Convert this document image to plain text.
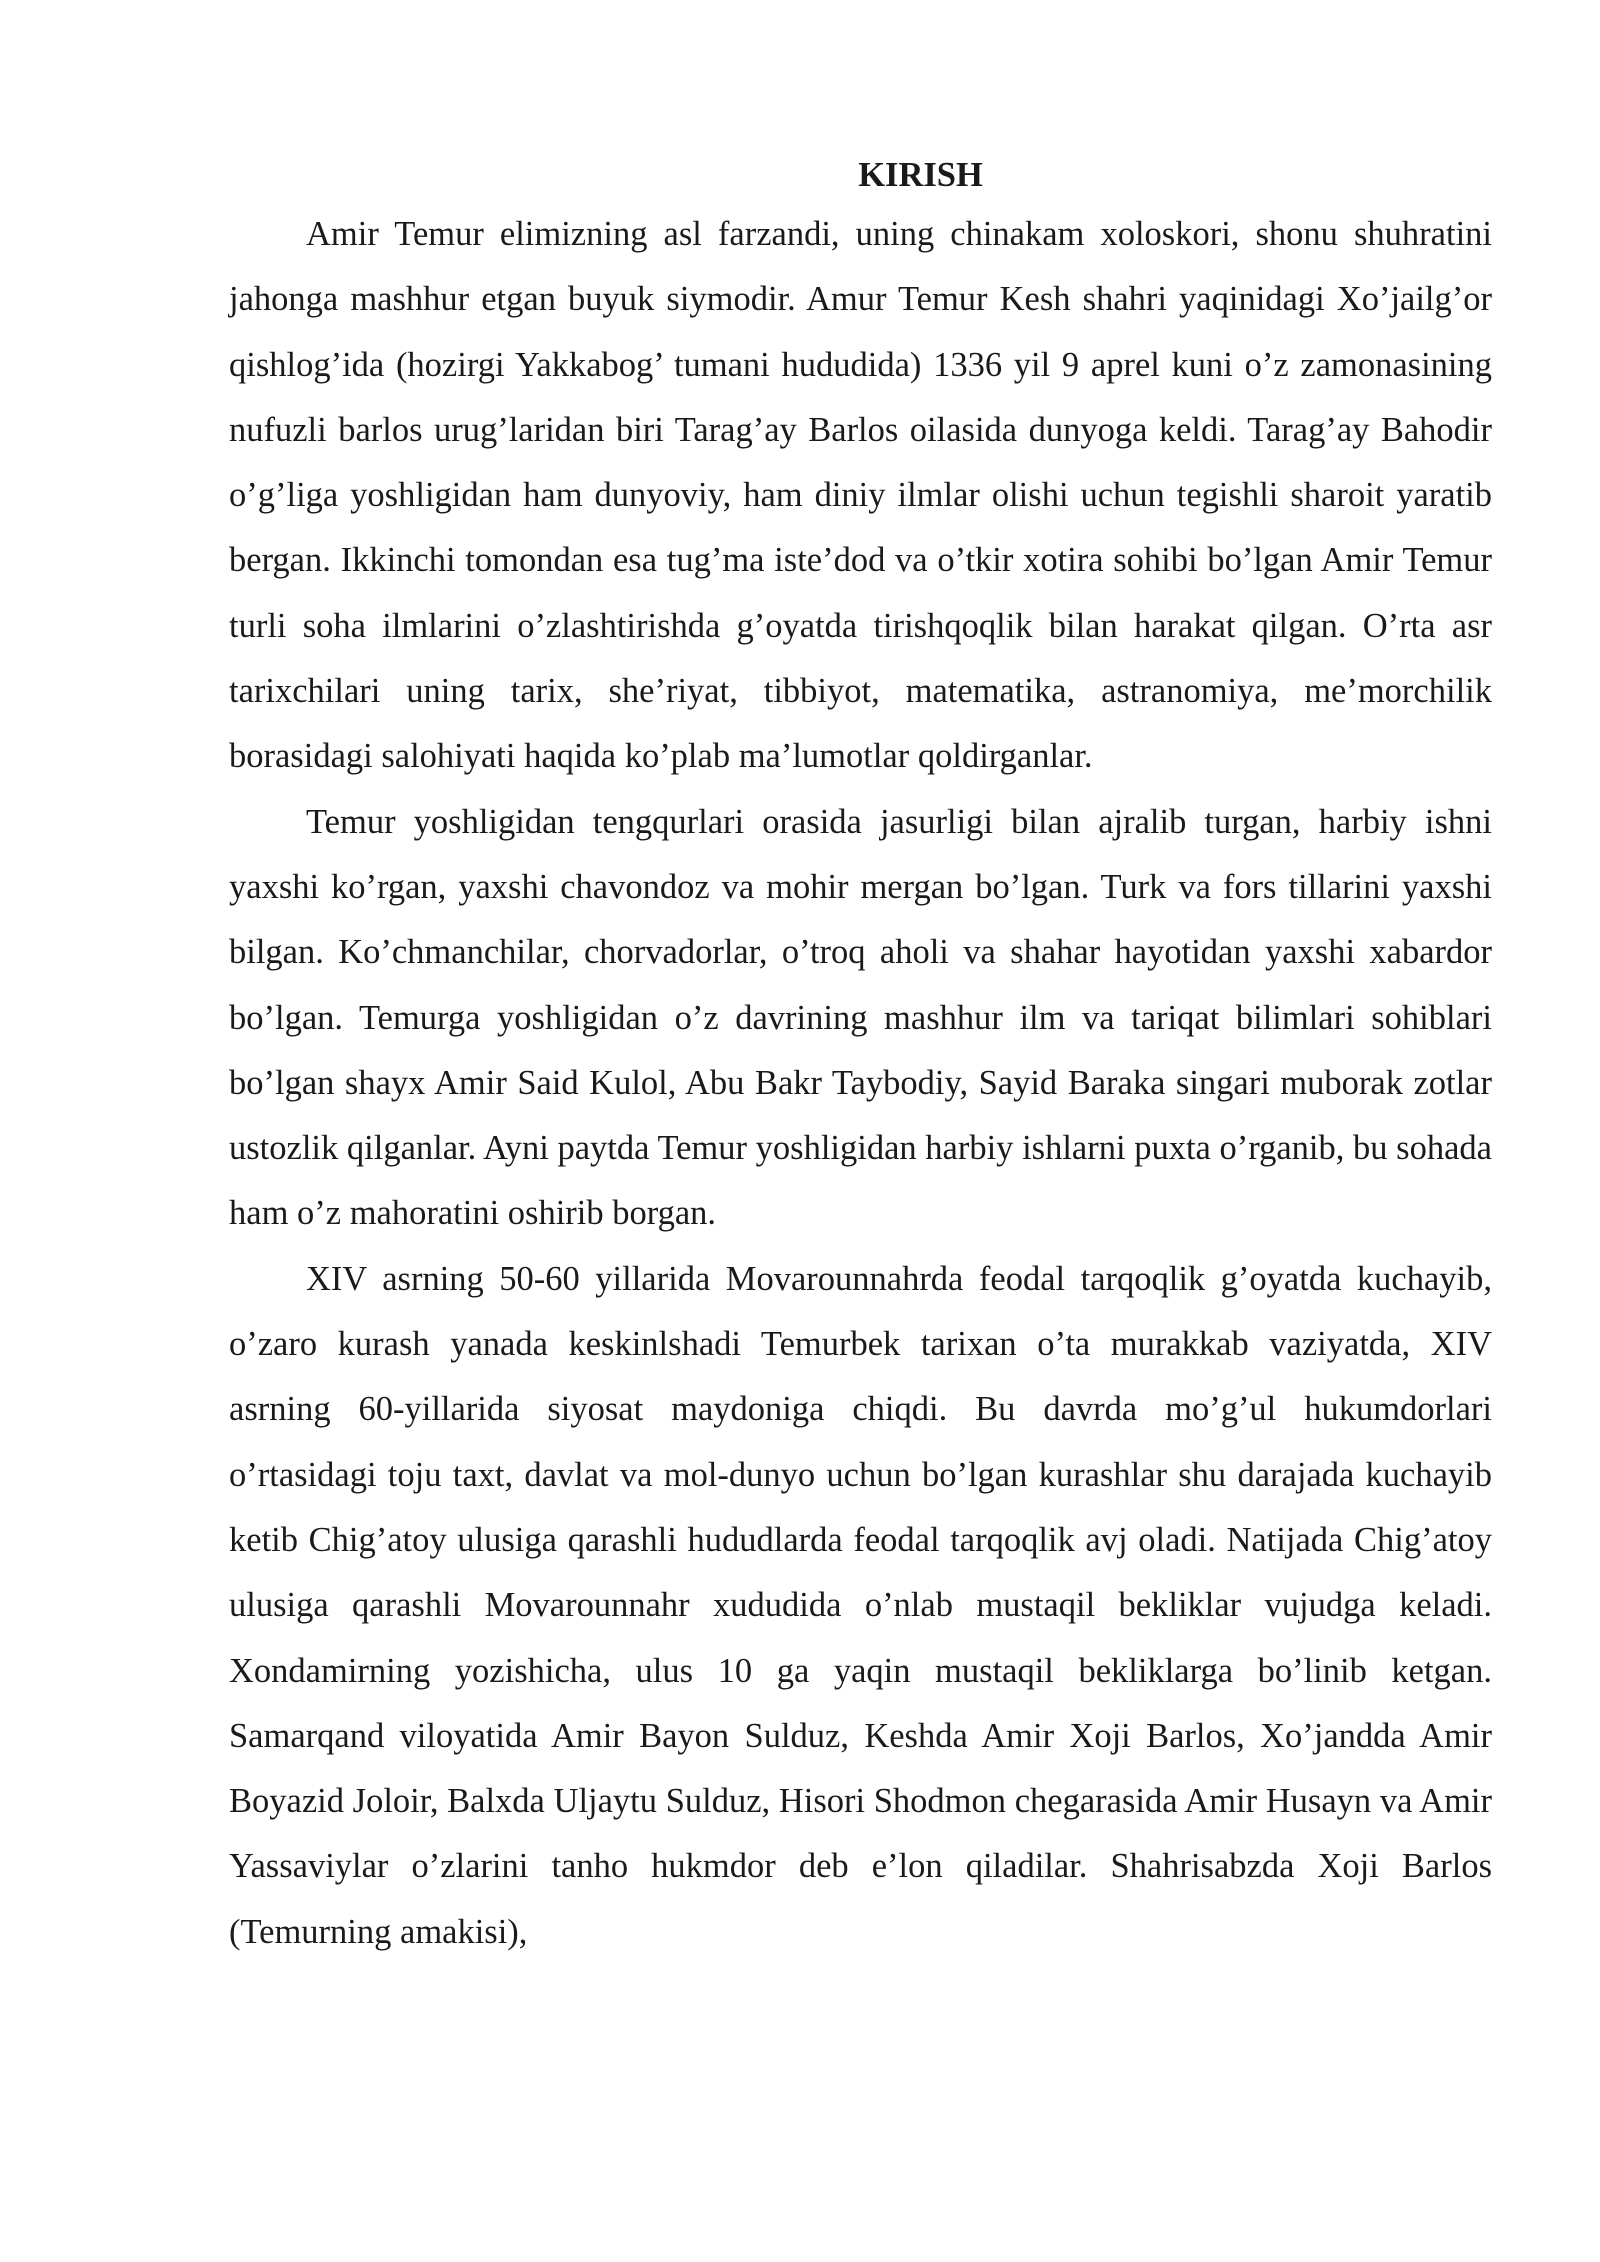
KIRISH

Amir Temur elimizning asl farzandi, uning chinakam xoloskori, shonu shuhratini jahonga mashhur etgan buyuk siymodir. Amur Temur Kesh shahri yaqinidagi Xo’jailg’or qishlog’ida (hozirgi Yakkabog’ tumani hududida) 1336 yil 9 aprel kuni o’z zamonasining nufuzli barlos urug’laridan biri Tarag’ay Barlos oilasida dunyoga keldi. Tarag’ay Bahodir o’g’liga yoshligidan ham dunyoviy, ham diniy ilmlar olishi uchun tegishli sharoit yaratib bergan. Ikkinchi tomondan esa tug’ma iste’dod va o’tkir xotira sohibi bo’lgan Amir Temur turli soha ilmlarini o’zlashtirishda g’oyatda tirishqoqlik bilan harakat qilgan. O’rta asr tarixchilari uning tarix, she’riyat, tibbiyot, matematika, astranomiya, me’morchilik borasidagi salohiyati haqida ko’plab ma’lumotlar qoldirganlar.

Temur yoshligidan tengqurlari orasida jasurligi bilan ajralib turgan, harbiy ishni yaxshi ko’rgan, yaxshi chavondoz va mohir mergan bo’lgan. Turk va fors tillarini yaxshi bilgan. Ko’chmanchilar, chorvadorlar, o’troq aholi va shahar hayotidan yaxshi xabardor bo’lgan. Temurga yoshligidan o’z davrining mashhur ilm va tariqat bilimlari sohiblari bo’lgan shayx Amir Said Kulol, Abu Bakr Taybodiy, Sayid Baraka singari muborak zotlar ustozlik qilganlar. Ayni paytda Temur yoshligidan harbiy ishlarni puxta o’rganib, bu sohada ham o’z mahoratini oshirib borgan.

XIV asrning 50-60 yillarida Movarounnahrda feodal tarqoqlik g’oyatda kuchayib, o’zaro kurash yanada keskinlshadi Temurbek tarixan o’ta murakkab vaziyatda, XIV asrning 60-yillarida siyosat maydoniga chiqdi. Bu davrda mo’g’ul hukumdorlari o’rtasidagi toju taxt, davlat va mol-dunyo uchun bo’lgan kurashlar shu darajada kuchayib ketib Chig’atoy ulusiga qarashli hududlarda feodal tarqoqlik avj oladi. Natijada Chig’atoy ulusiga qarashli Movarounnahr xududida o’nlab mustaqil bekliklar vujudga keladi. Xondamirning yozishicha, ulus 10 ga yaqin mustaqil bekliklarga bo’linib ketgan. Samarqand viloyatida Amir Bayon Sulduz, Keshda Amir Xoji Barlos, Xo’jandda Amir Boyazid Joloir, Balxda Uljaytu Sulduz, Hisori Shodmon chegarasida Amir Husayn va Amir Yassaviylar o’zlarini tanho hukmdor deb e’lon qiladilar. Shahrisabzda Xoji Barlos (Temurning amakisi),
